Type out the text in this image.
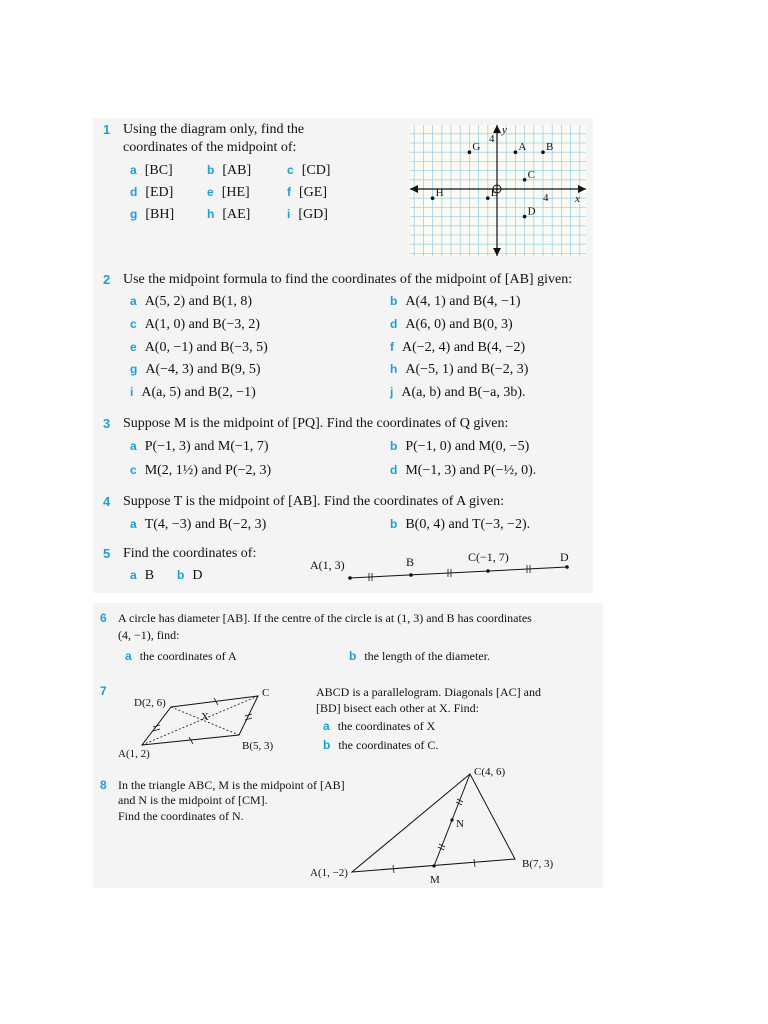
1 Using the diagram only, find the
coordinates of the midpoint of:
a [BC]	b [AB]	c [CD]
d [ED]	e [HE]	f [GE]
g [BH]	h [AE]	i [GD]
x
y
4
4
G	A B
C
H	E
D
2 Use the midpoint formula to find the coordinates of the midpoint of [AB] given:
a A(5, 2) and B(1, 8)	b A(4, 1) and B(4, −1)
c A(1, 0) and B(−3, 2)	d A(6, 0) and B(0, 3)
e A(0, −1) and B(−3, 5)	f A(−2, 4) and B(4, −2)
g A(−4, 3) and B(9, 5)	h A(−5, 1) and B(−2, 3)
i A(a, 5) and B(2, −1)	j A(a, b) and B(−a, 3b).
3 Suppose M is the midpoint of [PQ]. Find the coordinates of Q given:
a P(−1, 3) and M(−1, 7)	b P(−1, 0) and M(0, −5)
c M(2, 1½) and P(−2, 3)	d M(−1, 3) and P(−½, 0).
4 Suppose T is the midpoint of [AB]. Find the coordinates of A given:
a T(4, −3) and B(−2, 3)	b B(0, 4) and T(−3, −2).
5 Find the coordinates of:
a B b D
A(1, 3)	B	C(−1, 7)	D
6 A circle has diameter [AB]. If the centre of the circle is at (1, 3) and B has coordinates
(4, −1), find:
a the coordinates of A	b the length of the diameter.
7
D(2, 6)
C
X
A(1, 2)
B(5, 3)
ABCD is a parallelogram. Diagonals [AC] and
[BD] bisect each other at X. Find:
a the coordinates of X
b the coordinates of C.
8 In the triangle ABC, M is the midpoint of [AB]
and N is the midpoint of [CM].
Find the coordinates of N.
C(4, 6)
N
A(1, −2)
M
B(7, 3)
